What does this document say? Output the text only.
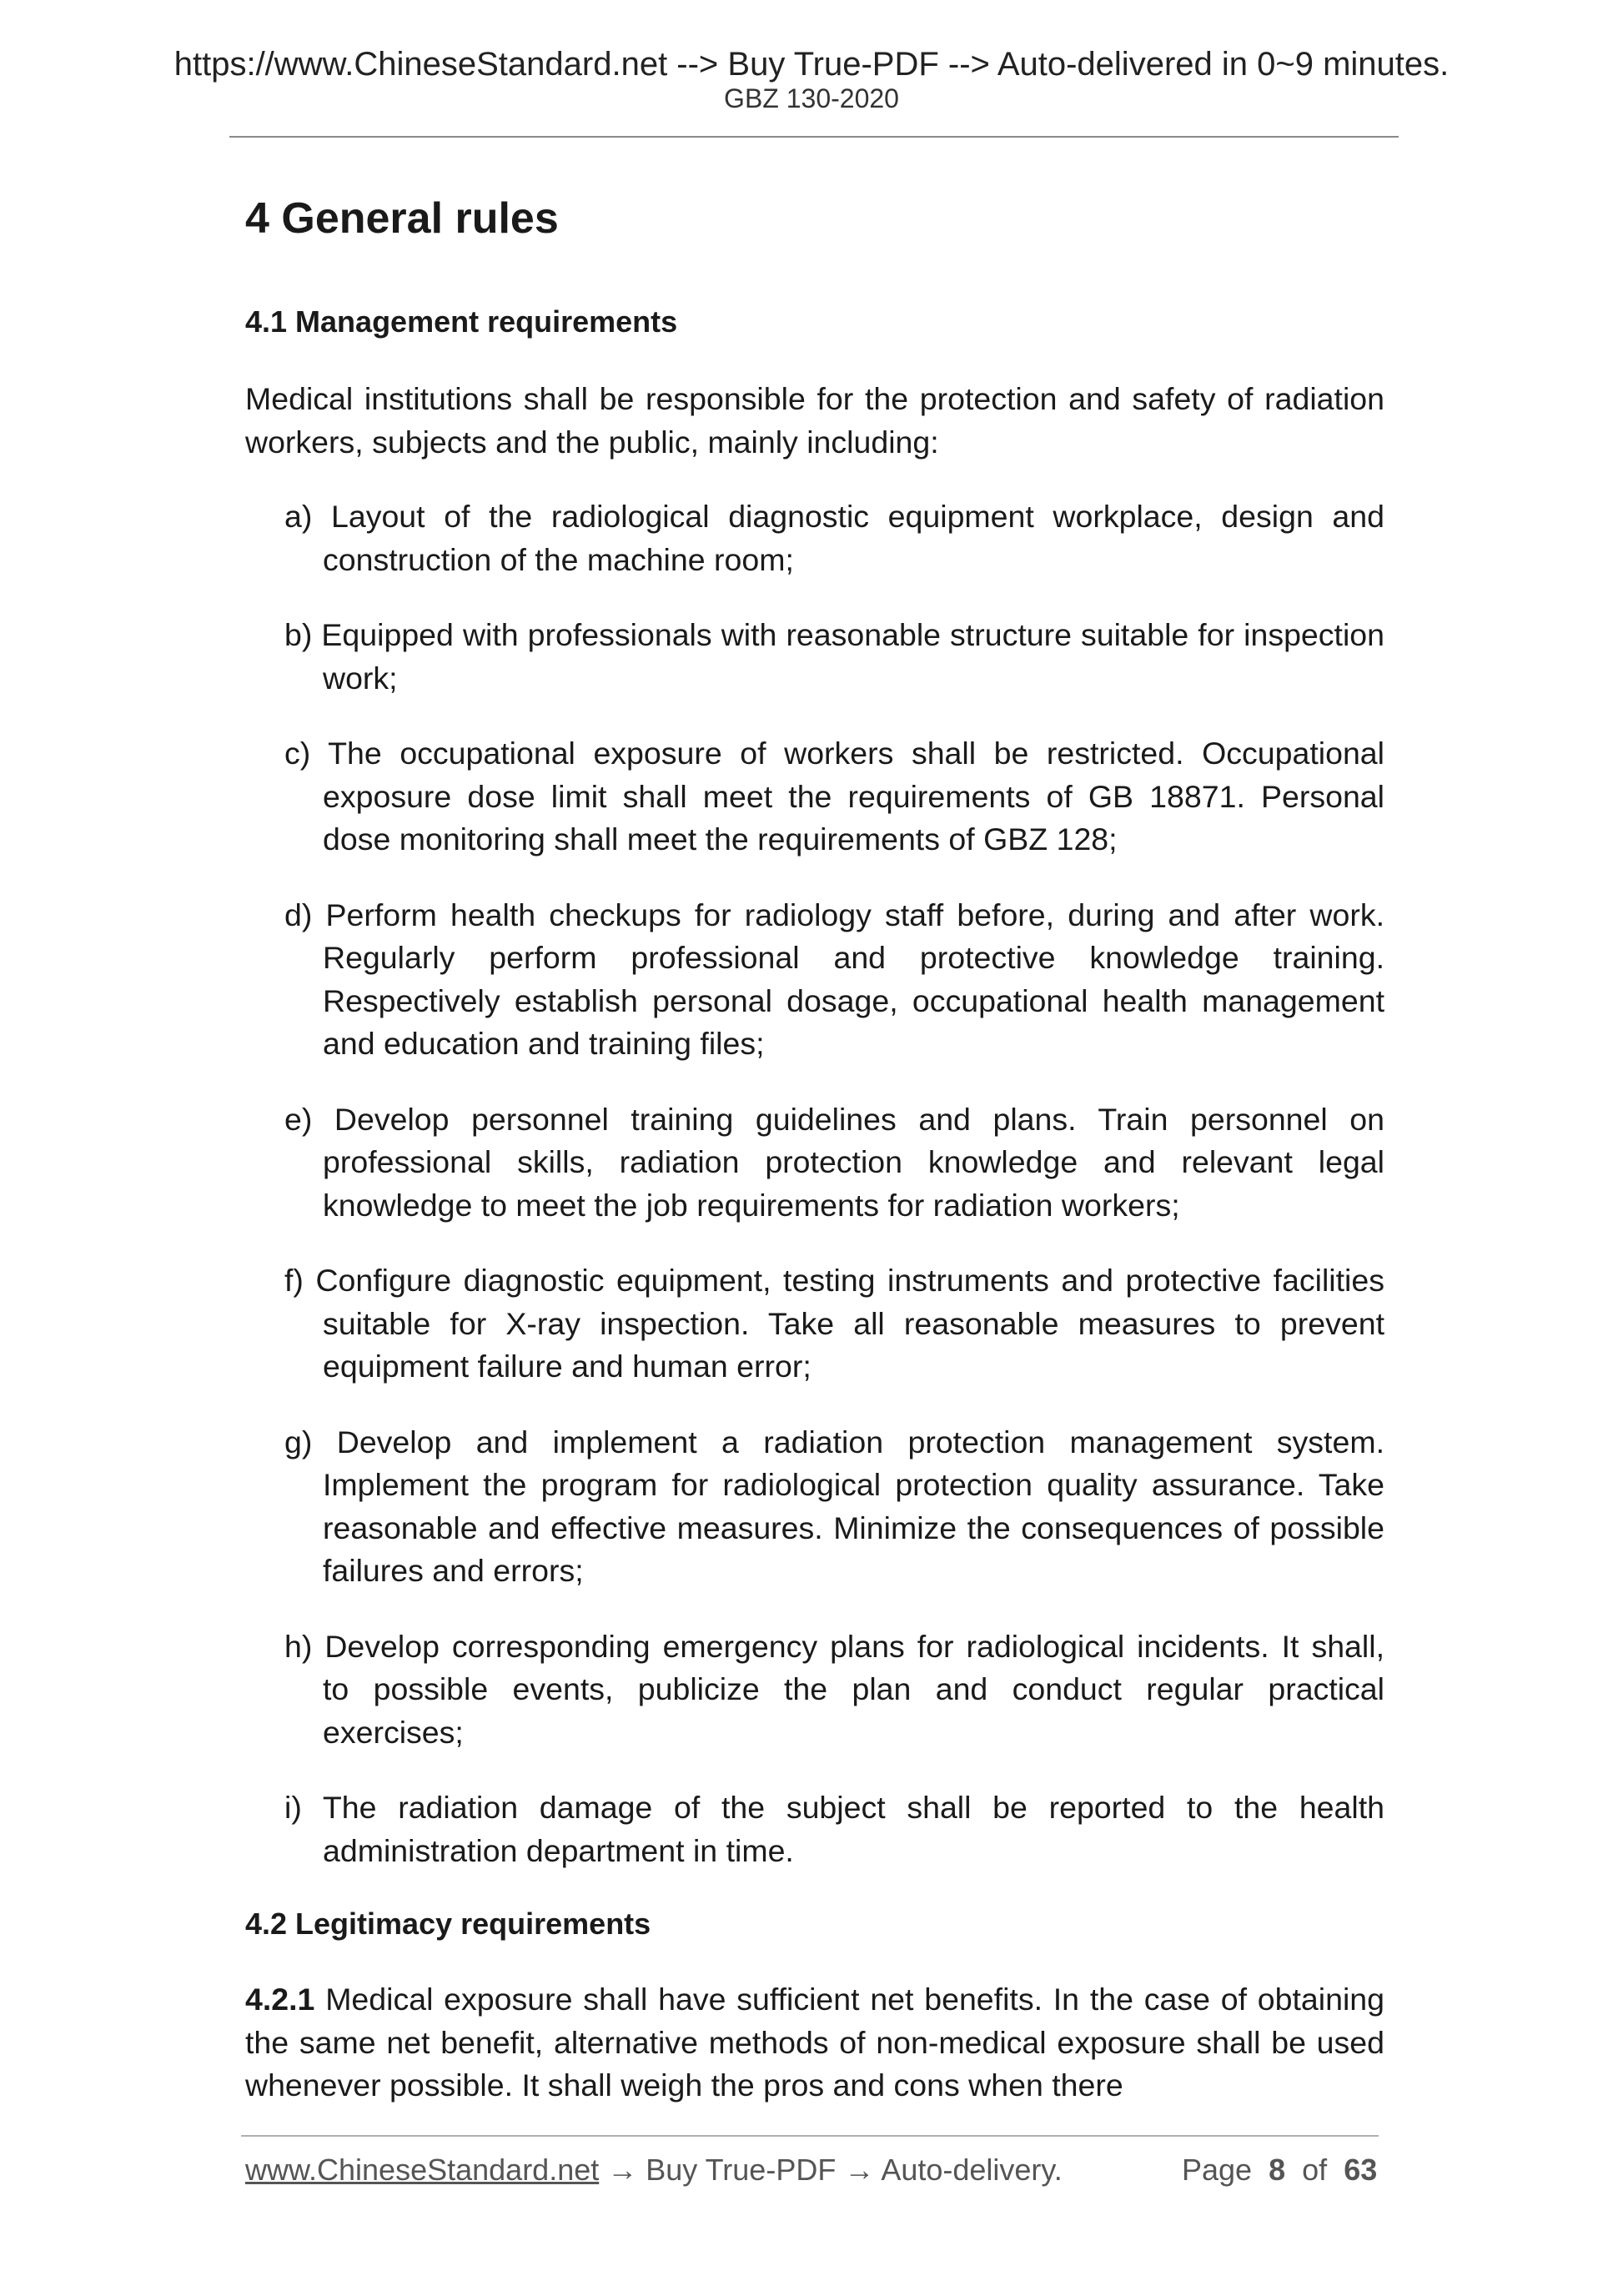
https://www.ChineseStandard.net --> Buy True-PDF --> Auto-delivered in 0~9 minutes.
GBZ 130-2020
4 General rules
4.1 Management requirements

Medical institutions shall be responsible for the protection and safety of radiation workers, subjects and the public, mainly including:

a) Layout of the radiological diagnostic equipment workplace, design and construction of the machine room;
b) Equipped with professionals with reasonable structure suitable for inspection work;
c) The occupational exposure of workers shall be restricted. Occupational exposure dose limit shall meet the requirements of GB 18871. Personal dose monitoring shall meet the requirements of GBZ 128;
d) Perform health checkups for radiology staff before, during and after work. Regularly perform professional and protective knowledge training. Respectively establish personal dosage, occupational health management and education and training files;
e) Develop personnel training guidelines and plans. Train personnel on professional skills, radiation protection knowledge and relevant legal knowledge to meet the job requirements for radiation workers;
f) Configure diagnostic equipment, testing instruments and protective facilities suitable for X-ray inspection. Take all reasonable measures to prevent equipment failure and human error;
g) Develop and implement a radiation protection management system. Implement the program for radiological protection quality assurance. Take reasonable and effective measures. Minimize the consequences of possible failures and errors;
h) Develop corresponding emergency plans for radiological incidents. It shall, to possible events, publicize the plan and conduct regular practical exercises;
i) The radiation damage of the subject shall be reported to the health administration department in time.
4.2 Legitimacy requirements

4.2.1 Medical exposure shall have sufficient net benefits. In the case of obtaining the same net benefit, alternative methods of non-medical exposure shall be used whenever possible. It shall weigh the pros and cons when there

www.ChineseStandard.net → Buy True-PDF → Auto-delivery.	Page 8 of 63
